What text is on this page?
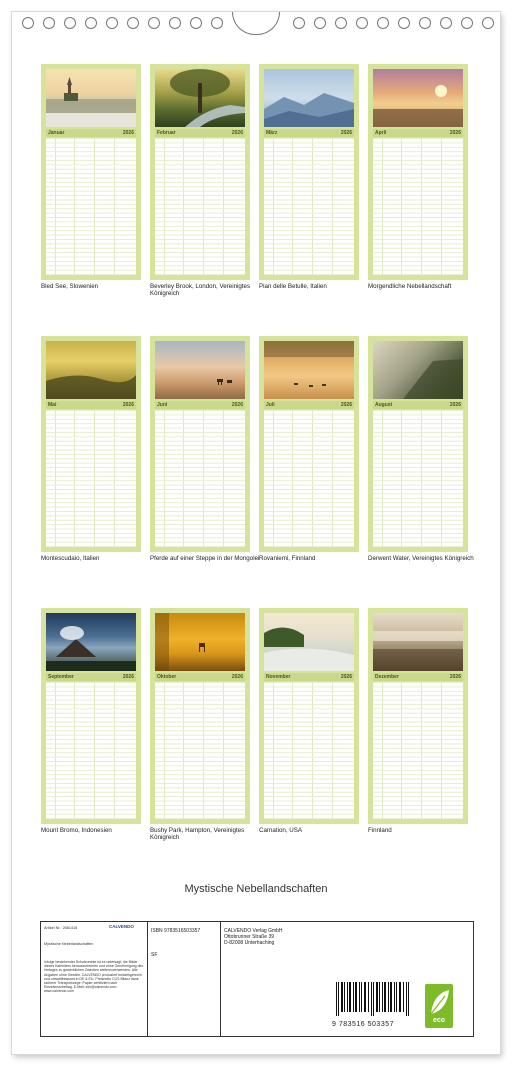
Januar	2026
Bled See, Slowenien
Februar	2026
Beverley Brook, London, Vereinigtes Königreich
März	2026
Pian delle Betulle, Italien
April	2026
Morgendliche Nebellandschaft
Mai	2026
Montescudaio, Italien
Juni	2026
Pferde auf einer Steppe in der Mongolei
Juli	2026
Rovaniemi, Finnland
August	2026
Derwent Water, Vereinigtes Königreich
September	2026
Mount Bromo, Indonesien
Oktober	2026
Bushy Park, Hampton, Vereinigtes Königreich
November	2026
Carnation, USA
Dezember	2026
Finnland
Mystische Nebellandschaften
Artikel Nr.: 2581416	CALVENDO
Mystische Nebellandschaften
Infolge bestehender Schutzrechte ist es untersagt, die Bilder dieses Kalenders herauszutrennen und ohne Genehmigung des Verlages zu gewerblichen Zwecken weiterzuverwenden. Alle Angaben ohne Gewähr. CALVENDO produziert bedarfsgerecht und umweltbewusst in DE & EU. Preisnetto CO2-Bilanz dank sicherer Transportwege. Papier zertifiziert nach Einzelsnutzbetrag. E-Mail: info@calvendo.com · www.calvendo.com
ISBN 9783516503357
SF
CALVENDO Verlag GmbH
Ottobrunner Straße 39
D-82008 Unterhaching
9 783516 503357
eco
